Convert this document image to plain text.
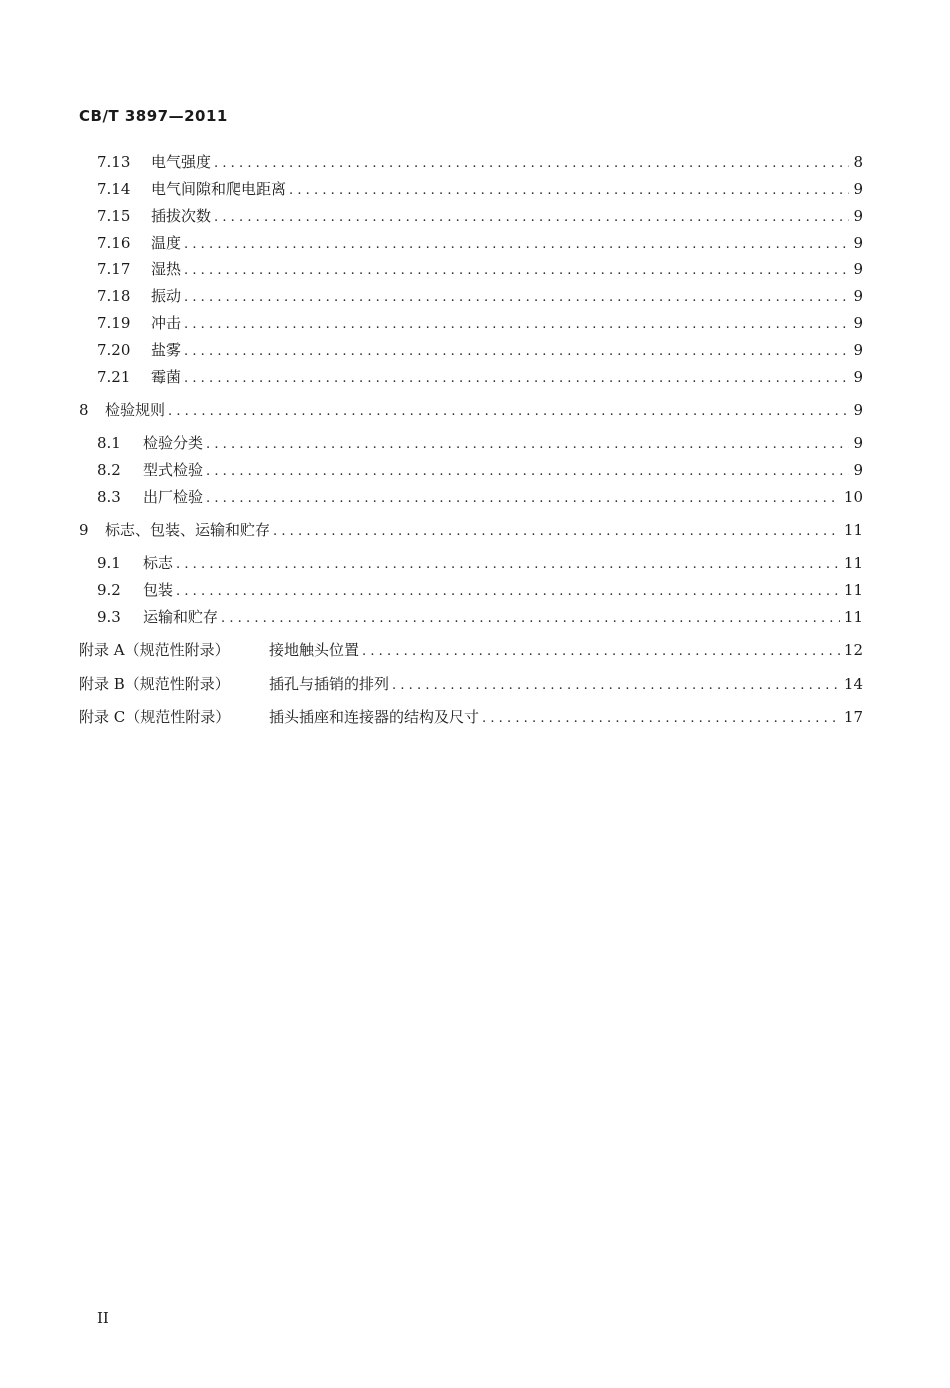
CB/T 3897—2011
7.13	电气强度 .....	8
7.14	电气间隙和爬电距离 .....	9
7.15	插拔次数 .....	9
7.16	温度 .....	9
7.17	湿热 .....	9
7.18	振动 .....	9
7.19	冲击 .....	9
7.20	盐雾 .....	9
7.21	霉菌 .....	9
8	检验规则 .....	9
8.1	检验分类 .....	9
8.2	型式检验 .....	9
8.3	出厂检验 .....	10
9	标志、包装、运输和贮存 .....	11
9.1	标志 .....	11
9.2	包装 .....	11
9.3	运输和贮存 .....	11
附录 A（规范性附录）	接地触头位置 .....	12
附录 B（规范性附录）	插孔与插销的排列 .....	14
附录 C（规范性附录）	插头插座和连接器的结构及尺寸 .....	17
II
